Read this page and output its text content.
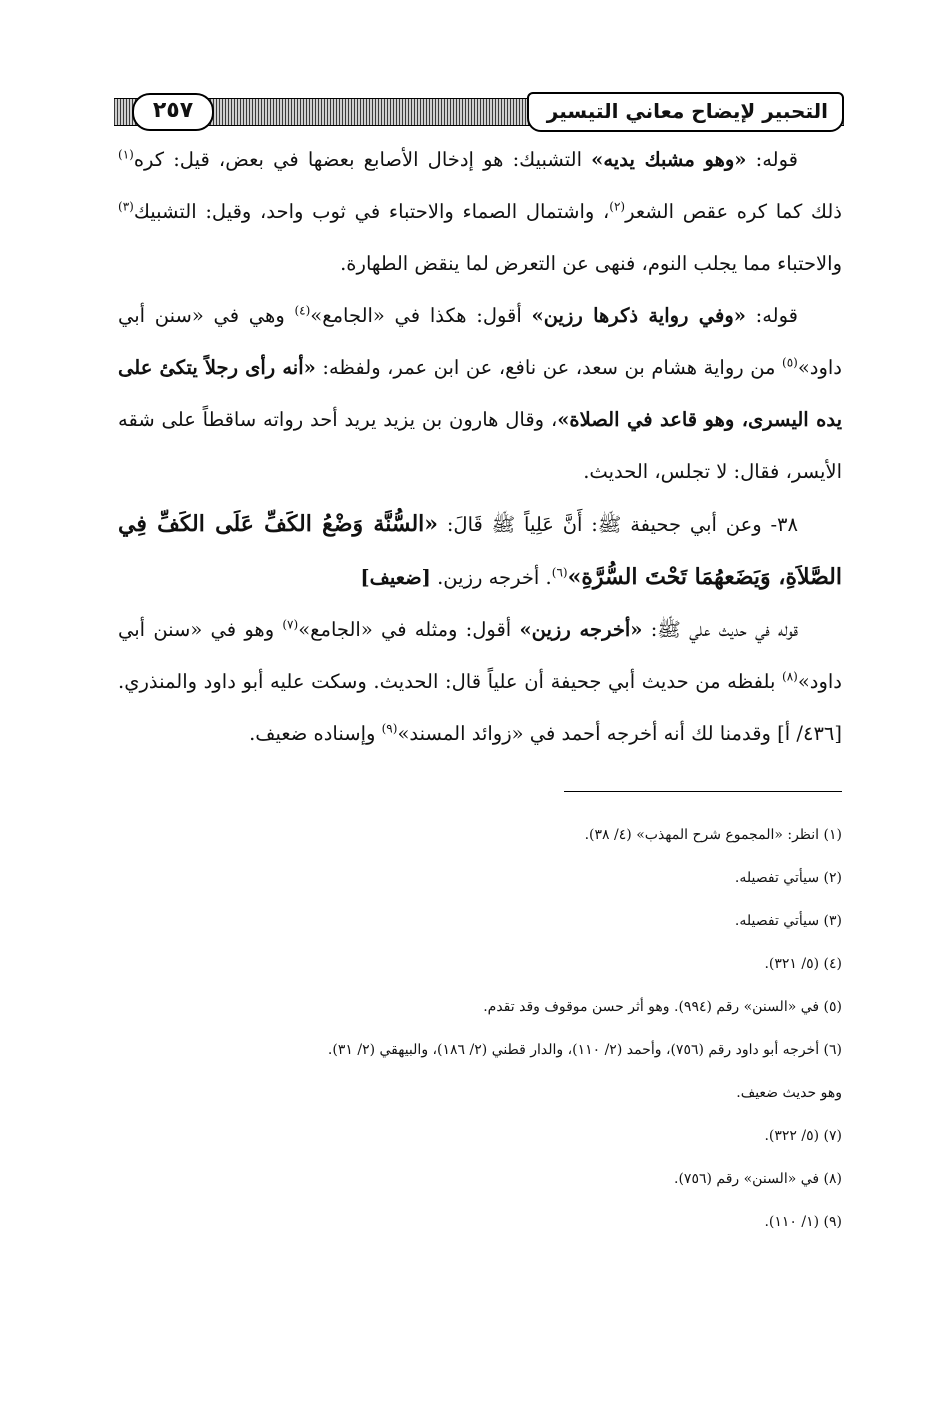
٢٥٧	التحبير لإيضاح معاني التيسير

قوله: «وهو مشبك يديه» التشبيك: هو إدخال الأصابع بعضها في بعض، قيل: كره$^{(١)}$ ذلك كما كره عقص الشعر$^{(٢)}$، واشتمال الصماء والاحتباء في ثوب واحد، وقيل: التشبيك$^{(٣)}$ والاحتباء مما يجلب النوم، فنهى عن التعرض لما ينقض الطهارة.

قوله: «وفي رواية ذكرها رزين» أقول: هكذا في «الجامع»$^{(٤)}$ وهي في «سنن أبي داود»$^{(٥)}$ من رواية هشام بن سعد، عن نافع، عن ابن عمر، ولفظه: «أنه رأى رجلاً يتكئ على يده اليسرى، وهو قاعد في الصلاة»، وقال هارون بن يزيد يريد أحد رواته ساقطاً على شقه الأيسر، فقال: لا تجلس، الحديث.

٣٨- وعن أبي جحيفة ﷺ: أَنَّ عَلِياً ﷺ قَالَ: «السُّنَّة وَضْعُ الكَفِّ عَلَى الكَفِّ فِي الصَّلاَةِ، وَيَضَعهُمَا تَحْتَ السُّرَّةِ»$^{(٦)}$. أخرجه رزين. [ضعيف]

قوله في حديث علي ﷺ: «أخرجه رزين» أقول: ومثله في «الجامع»$^{(٧)}$ وهو في «سنن أبي داود»$^{(٨)}$ بلفظه من حديث أبي جحيفة أن علياً قال: الحديث. وسكت عليه أبو داود والمنذري. [٤٣٦/ أ] وقدمنا لك أنه أخرجه أحمد في «زوائد المسند»$^{(٩)}$ وإسناده ضعيف.

(١) انظر: «المجموع شرح المهذب» (٤/ ٣٨).

(٢) سيأتي تفصيله.

(٣) سيأتي تفصيله.

(٤) (٥/ ٣٢١).

(٥) في «السنن» رقم (٩٩٤). وهو أثر حسن موقوف وقد تقدم.

(٦) أخرجه أبو داود رقم (٧٥٦)، وأحمد (٢/ ١١٠)، والدار قطني (٢/ ١٨٦)، والبيهقي (٢/ ٣١).

وهو حديث ضعيف.

(٧) (٥/ ٣٢٢).

(٨) في «السنن» رقم (٧٥٦).

(٩) (١/ ١١٠).
